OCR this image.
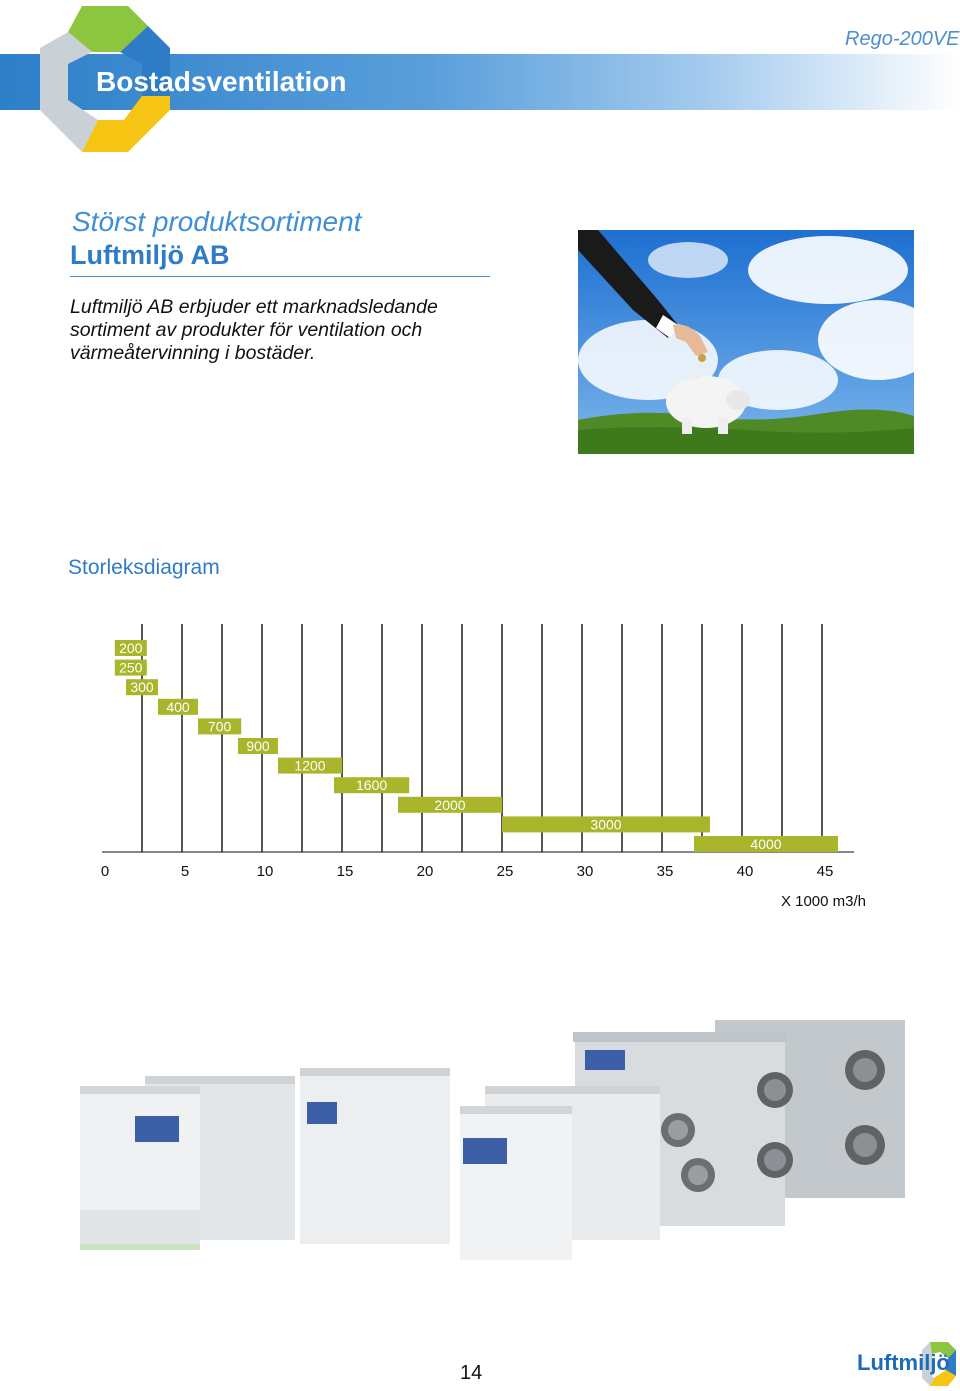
Bostadsventilation
Rego-200VE
Störst produktsortiment
Luftmiljö AB
Luftmiljö AB erbjuder ett marknadsledande sortiment av produkter för ventilation och värmeåtervinning i bostäder.
Storleksdiagram
200
250
300
400
700
900
1200
1600
2000
3000
4000
0	5	10	15	20	25	30	35	40	45
X 1000 m3/h
14	Luftmiljö
